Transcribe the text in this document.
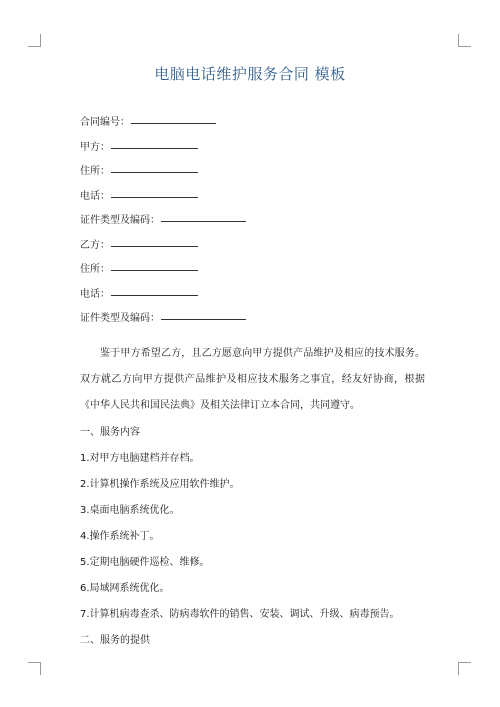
电脑电话维护服务合同 模板
合同编号：
甲方：
住所：
电话：
证件类型及编码：
乙方：
住所：
电话：
证件类型及编码：
鉴于甲方希望乙方，且乙方愿意向甲方提供产品维护及相应的技术服务。双方就乙方向甲方提供产品维护及相应技术服务之事宜，经友好协商，根据《中华人民共和国民法典》及相关法律订立本合同，共同遵守。
一、服务内容
1.对甲方电脑建档并存档。
2.计算机操作系统及应用软件维护。
3.桌面电脑系统优化。
4.操作系统补丁。
5.定期电脑硬件巡检、维修。
6.局域网系统优化。
7.计算机病毒查杀、防病毒软件的销售、安装、调试、升级、病毒预告。
二、服务的提供
